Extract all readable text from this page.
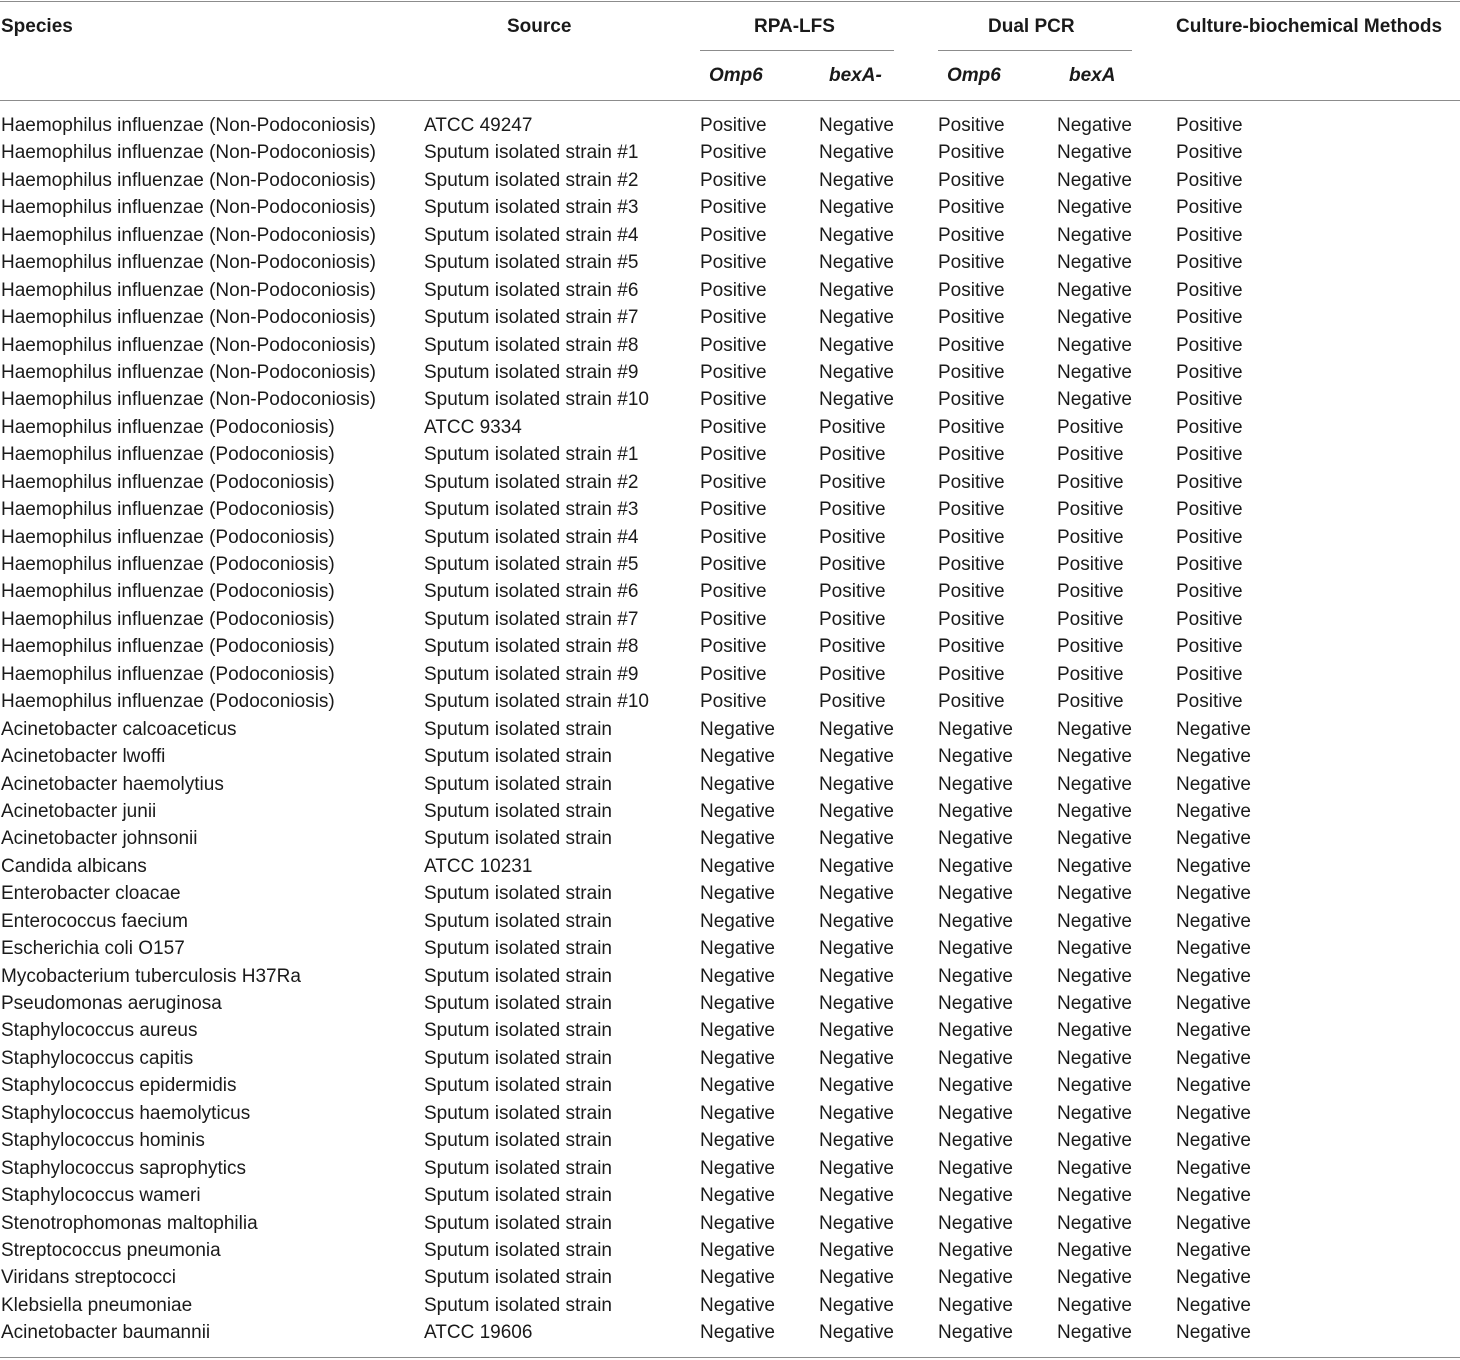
Species	Source	RPA-LFS	Dual PCR	Culture-biochemical Methods
Omp6	bexA-	Omp6	bexA
Haemophilus influenzae (Non-Podoconiosis)	ATCC 49247	Positive	Negative Positive	Negative Positive
Haemophilus influenzae (Non-Podoconiosis)	Sputum isolated strain #1	Positive	Negative Positive	Negative Positive
Haemophilus influenzae (Non-Podoconiosis)	Sputum isolated strain #2	Positive	Negative Positive	Negative Positive
Haemophilus influenzae (Non-Podoconiosis)	Sputum isolated strain #3	Positive	Negative Positive	Negative Positive
Haemophilus influenzae (Non-Podoconiosis)	Sputum isolated strain #4	Positive	Negative Positive	Negative Positive
Haemophilus influenzae (Non-Podoconiosis)	Sputum isolated strain #5	Positive	Negative Positive	Negative Positive
Haemophilus influenzae (Non-Podoconiosis)	Sputum isolated strain #6	Positive	Negative Positive	Negative Positive
Haemophilus influenzae (Non-Podoconiosis)	Sputum isolated strain #7	Positive	Negative Positive	Negative Positive
Haemophilus influenzae (Non-Podoconiosis)	Sputum isolated strain #8	Positive	Negative Positive	Negative Positive
Haemophilus influenzae (Non-Podoconiosis)	Sputum isolated strain #9	Positive	Negative Positive	Negative Positive
Haemophilus influenzae (Non-Podoconiosis)	Sputum isolated strain #10	Positive	Negative Positive	Negative Positive
Haemophilus influenzae (Podoconiosis)	ATCC 9334	Positive	Positive	Positive	Positive	Positive
Haemophilus influenzae (Podoconiosis)	Sputum isolated strain #1	Positive	Positive	Positive	Positive	Positive
Haemophilus influenzae (Podoconiosis)	Sputum isolated strain #2	Positive	Positive	Positive	Positive	Positive
Haemophilus influenzae (Podoconiosis)	Sputum isolated strain #3	Positive	Positive	Positive	Positive	Positive
Haemophilus influenzae (Podoconiosis)	Sputum isolated strain #4	Positive	Positive	Positive	Positive	Positive
Haemophilus influenzae (Podoconiosis)	Sputum isolated strain #5	Positive	Positive	Positive	Positive	Positive
Haemophilus influenzae (Podoconiosis)	Sputum isolated strain #6	Positive	Positive	Positive	Positive	Positive
Haemophilus influenzae (Podoconiosis)	Sputum isolated strain #7	Positive	Positive	Positive	Positive	Positive
Haemophilus influenzae (Podoconiosis)	Sputum isolated strain #8	Positive	Positive	Positive	Positive	Positive
Haemophilus influenzae (Podoconiosis)	Sputum isolated strain #9	Positive	Positive	Positive	Positive	Positive
Haemophilus influenzae (Podoconiosis)	Sputum isolated strain #10	Positive	Positive	Positive	Positive	Positive
Acinetobacter calcoaceticus	Sputum isolated strain	Negative Negative Negative Negative Negative
Acinetobacter lwoffi	Sputum isolated strain	Negative Negative Negative Negative Negative
Acinetobacter haemolytius	Sputum isolated strain	Negative Negative Negative Negative Negative
Acinetobacter junii	Sputum isolated strain	Negative Negative Negative Negative Negative
Acinetobacter johnsonii	Sputum isolated strain	Negative Negative Negative Negative Negative
Candida albicans	ATCC 10231	Negative Negative Negative Negative Negative
Enterobacter cloacae	Sputum isolated strain	Negative Negative Negative Negative Negative
Enterococcus faecium	Sputum isolated strain	Negative Negative Negative Negative Negative
Escherichia coli O157	Sputum isolated strain	Negative Negative Negative Negative Negative
Mycobacterium tuberculosis H37Ra	Sputum isolated strain	Negative Negative Negative Negative Negative
Pseudomonas aeruginosa	Sputum isolated strain	Negative Negative Negative Negative Negative
Staphylococcus aureus	Sputum isolated strain	Negative Negative Negative Negative Negative
Staphylococcus capitis	Sputum isolated strain	Negative Negative Negative Negative Negative
Staphylococcus epidermidis	Sputum isolated strain	Negative Negative Negative Negative Negative
Staphylococcus haemolyticus	Sputum isolated strain	Negative Negative Negative Negative Negative
Staphylococcus hominis	Sputum isolated strain	Negative Negative Negative Negative Negative
Staphylococcus saprophytics	Sputum isolated strain	Negative Negative Negative Negative Negative
Staphylococcus wameri	Sputum isolated strain	Negative Negative Negative Negative Negative
Stenotrophomonas maltophilia	Sputum isolated strain	Negative Negative Negative Negative Negative
Streptococcus pneumonia	Sputum isolated strain	Negative Negative Negative Negative Negative
Viridans streptococci	Sputum isolated strain	Negative Negative Negative Negative Negative
Klebsiella pneumoniae	Sputum isolated strain	Negative Negative Negative Negative Negative
Acinetobacter baumannii	ATCC 19606	Negative Negative Negative Negative Negative
